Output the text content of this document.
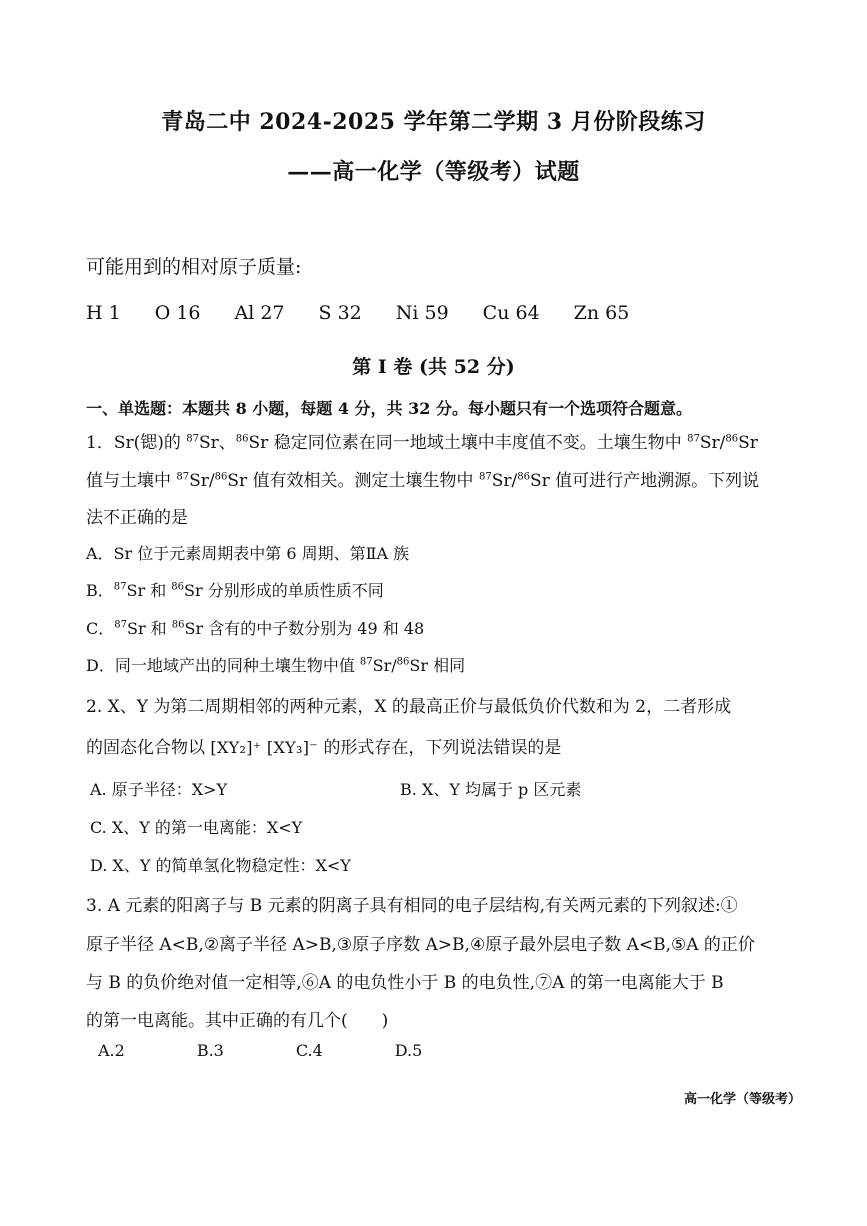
青岛二中 2024-2025 学年第二学期 3 月份阶段练习
——高一化学（等级考）试题
可能用到的相对原子质量:
H 1 O 16 Al 27 S 32 Ni 59 Cu 64 Zn 65
第 I 卷 (共 52 分)
一、单选题：本题共 8 小题，每题 4 分，共 32 分。每小题只有一个选项符合题意。
1．Sr(锶)的 $^{87}$Sr、$^{86}$Sr 稳定同位素在同一地域土壤中丰度值不变。土壤生物中 $^{87}$Sr/$^{86}$Sr
值与土壤中 $^{87}$Sr/$^{86}$Sr 值有效相关。测定土壤生物中 $^{87}$Sr/$^{86}$Sr 值可进行产地溯源。下列说
法不正确的是
A．Sr 位于元素周期表中第 6 周期、第ⅡA 族
B．$^{87}$Sr 和 $^{86}$Sr 分别形成的单质性质不同
C．$^{87}$Sr 和 $^{86}$Sr 含有的中子数分别为 49 和 48
D．同一地域产出的同种土壤生物中值 $^{87}$Sr/$^{86}$Sr 相同
2. X、Y 为第二周期相邻的两种元素，X 的最高正价与最低负价代数和为 2，二者形成
的固态化合物以 [XY₂]⁺ [XY₃]⁻ 的形式存在，下列说法错误的是
A. 原子半径：X>Y	B. X、Y 均属于 p 区元素
C. X、Y 的第一电离能：X<Y
D. X、Y 的简单氢化物稳定性：X<Y
3. A 元素的阳离子与 B 元素的阴离子具有相同的电子层结构,有关两元素的下列叙述:①
原子半径 A<B,②离子半径 A>B,③原子序数 A>B,④原子最外层电子数 A<B,⑤A 的正价
与 B 的负价绝对值一定相等,⑥A 的电负性小于 B 的电负性,⑦A 的第一电离能大于 B
的第一电离能。其中正确的有几个(　　)
A.2	B.3	C.4	D.5
高一化学（等级考）
